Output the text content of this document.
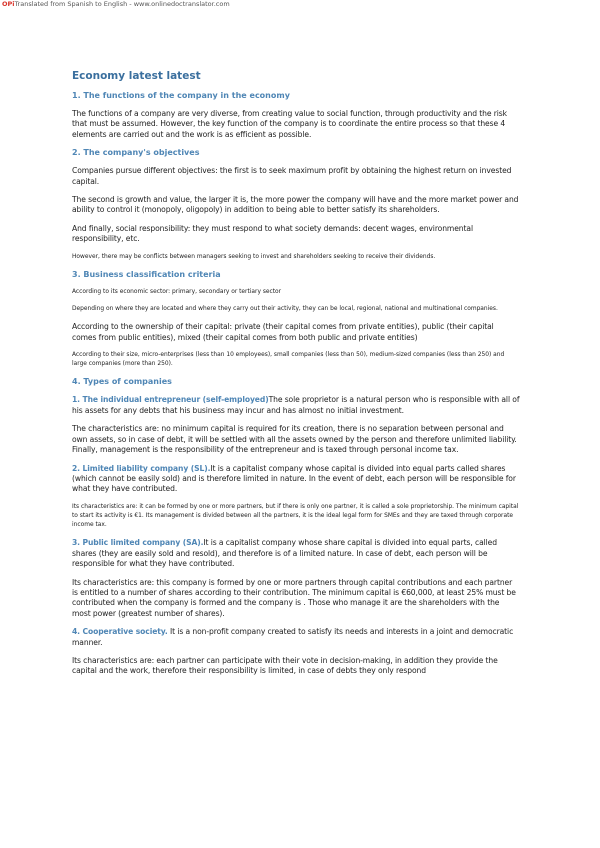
OPiTranslated from Spanish to English - www.onlinedoctranslator.com
Economy latest latest
1. The functions of the company in the economy
The functions of a company are very diverse, from creating value to social function, through productivity and the risk that must be assumed. However, the key function of the company is to coordinate the entire process so that these 4 elements are carried out and the work is as efficient as possible.
2. The company's objectives
Companies pursue different objectives: the first is to seek maximum profit by obtaining the highest return on invested capital.
The second is growth and value, the larger it is, the more power the company will have and the more market power and ability to control it (monopoly, oligopoly) in addition to being able to better satisfy its shareholders.
And finally, social responsibility: they must respond to what society demands: decent wages, environmental responsibility, etc.
However, there may be conflicts between managers seeking to invest and shareholders seeking to receive their dividends.
3. Business classification criteria
According to its economic sector: primary, secondary or tertiary sector
Depending on where they are located and where they carry out their activity, they can be local, regional, national and multinational companies.
According to the ownership of their capital: private (their capital comes from private entities), public (their capital comes from public entities), mixed (their capital comes from both public and private entities)
According to their size, micro-enterprises (less than 10 employees), small companies (less than 50), medium-sized companies (less than 250) and large companies (more than 250).
4. Types of companies
1. The individual entrepreneur (self-employed)The sole proprietor is a natural person who is responsible with all of his assets for any debts that his business may incur and has almost no initial investment.
The characteristics are: no minimum capital is required for its creation, there is no separation between personal and own assets, so in case of debt, it will be settled with all the assets owned by the person and therefore unlimited liability. Finally, management is the responsibility of the entrepreneur and is taxed through personal income tax.
2. Limited liability company (SL).It is a capitalist company whose capital is divided into equal parts called shares (which cannot be easily sold) and is therefore limited in nature. In the event of debt, each person will be responsible for what they have contributed.
Its characteristics are: it can be formed by one or more partners, but if there is only one partner, it is called a sole proprietorship. The minimum capital to start its activity is €1. Its management is divided between all the partners, it is the ideal legal form for SMEs and they are taxed through corporate income tax.
3. Public limited company (SA).It is a capitalist company whose share capital is divided into equal parts, called shares (they are easily sold and resold), and therefore is of a limited nature. In case of debt, each person will be responsible for what they have contributed.
Its characteristics are: this company is formed by one or more partners through capital contributions and each partner is entitled to a number of shares according to their contribution. The minimum capital is €60,000, at least 25% must be contributed when the company is formed and the company is . Those who manage it are the shareholders with the most power (greatest number of shares).
4. Cooperative society. It is a non-profit company created to satisfy its needs and interests in a joint and democratic manner.
Its characteristics are: each partner can participate with their vote in decision-making, in addition they provide the capital and the work, therefore their responsibility is limited, in case of debts they only respond
